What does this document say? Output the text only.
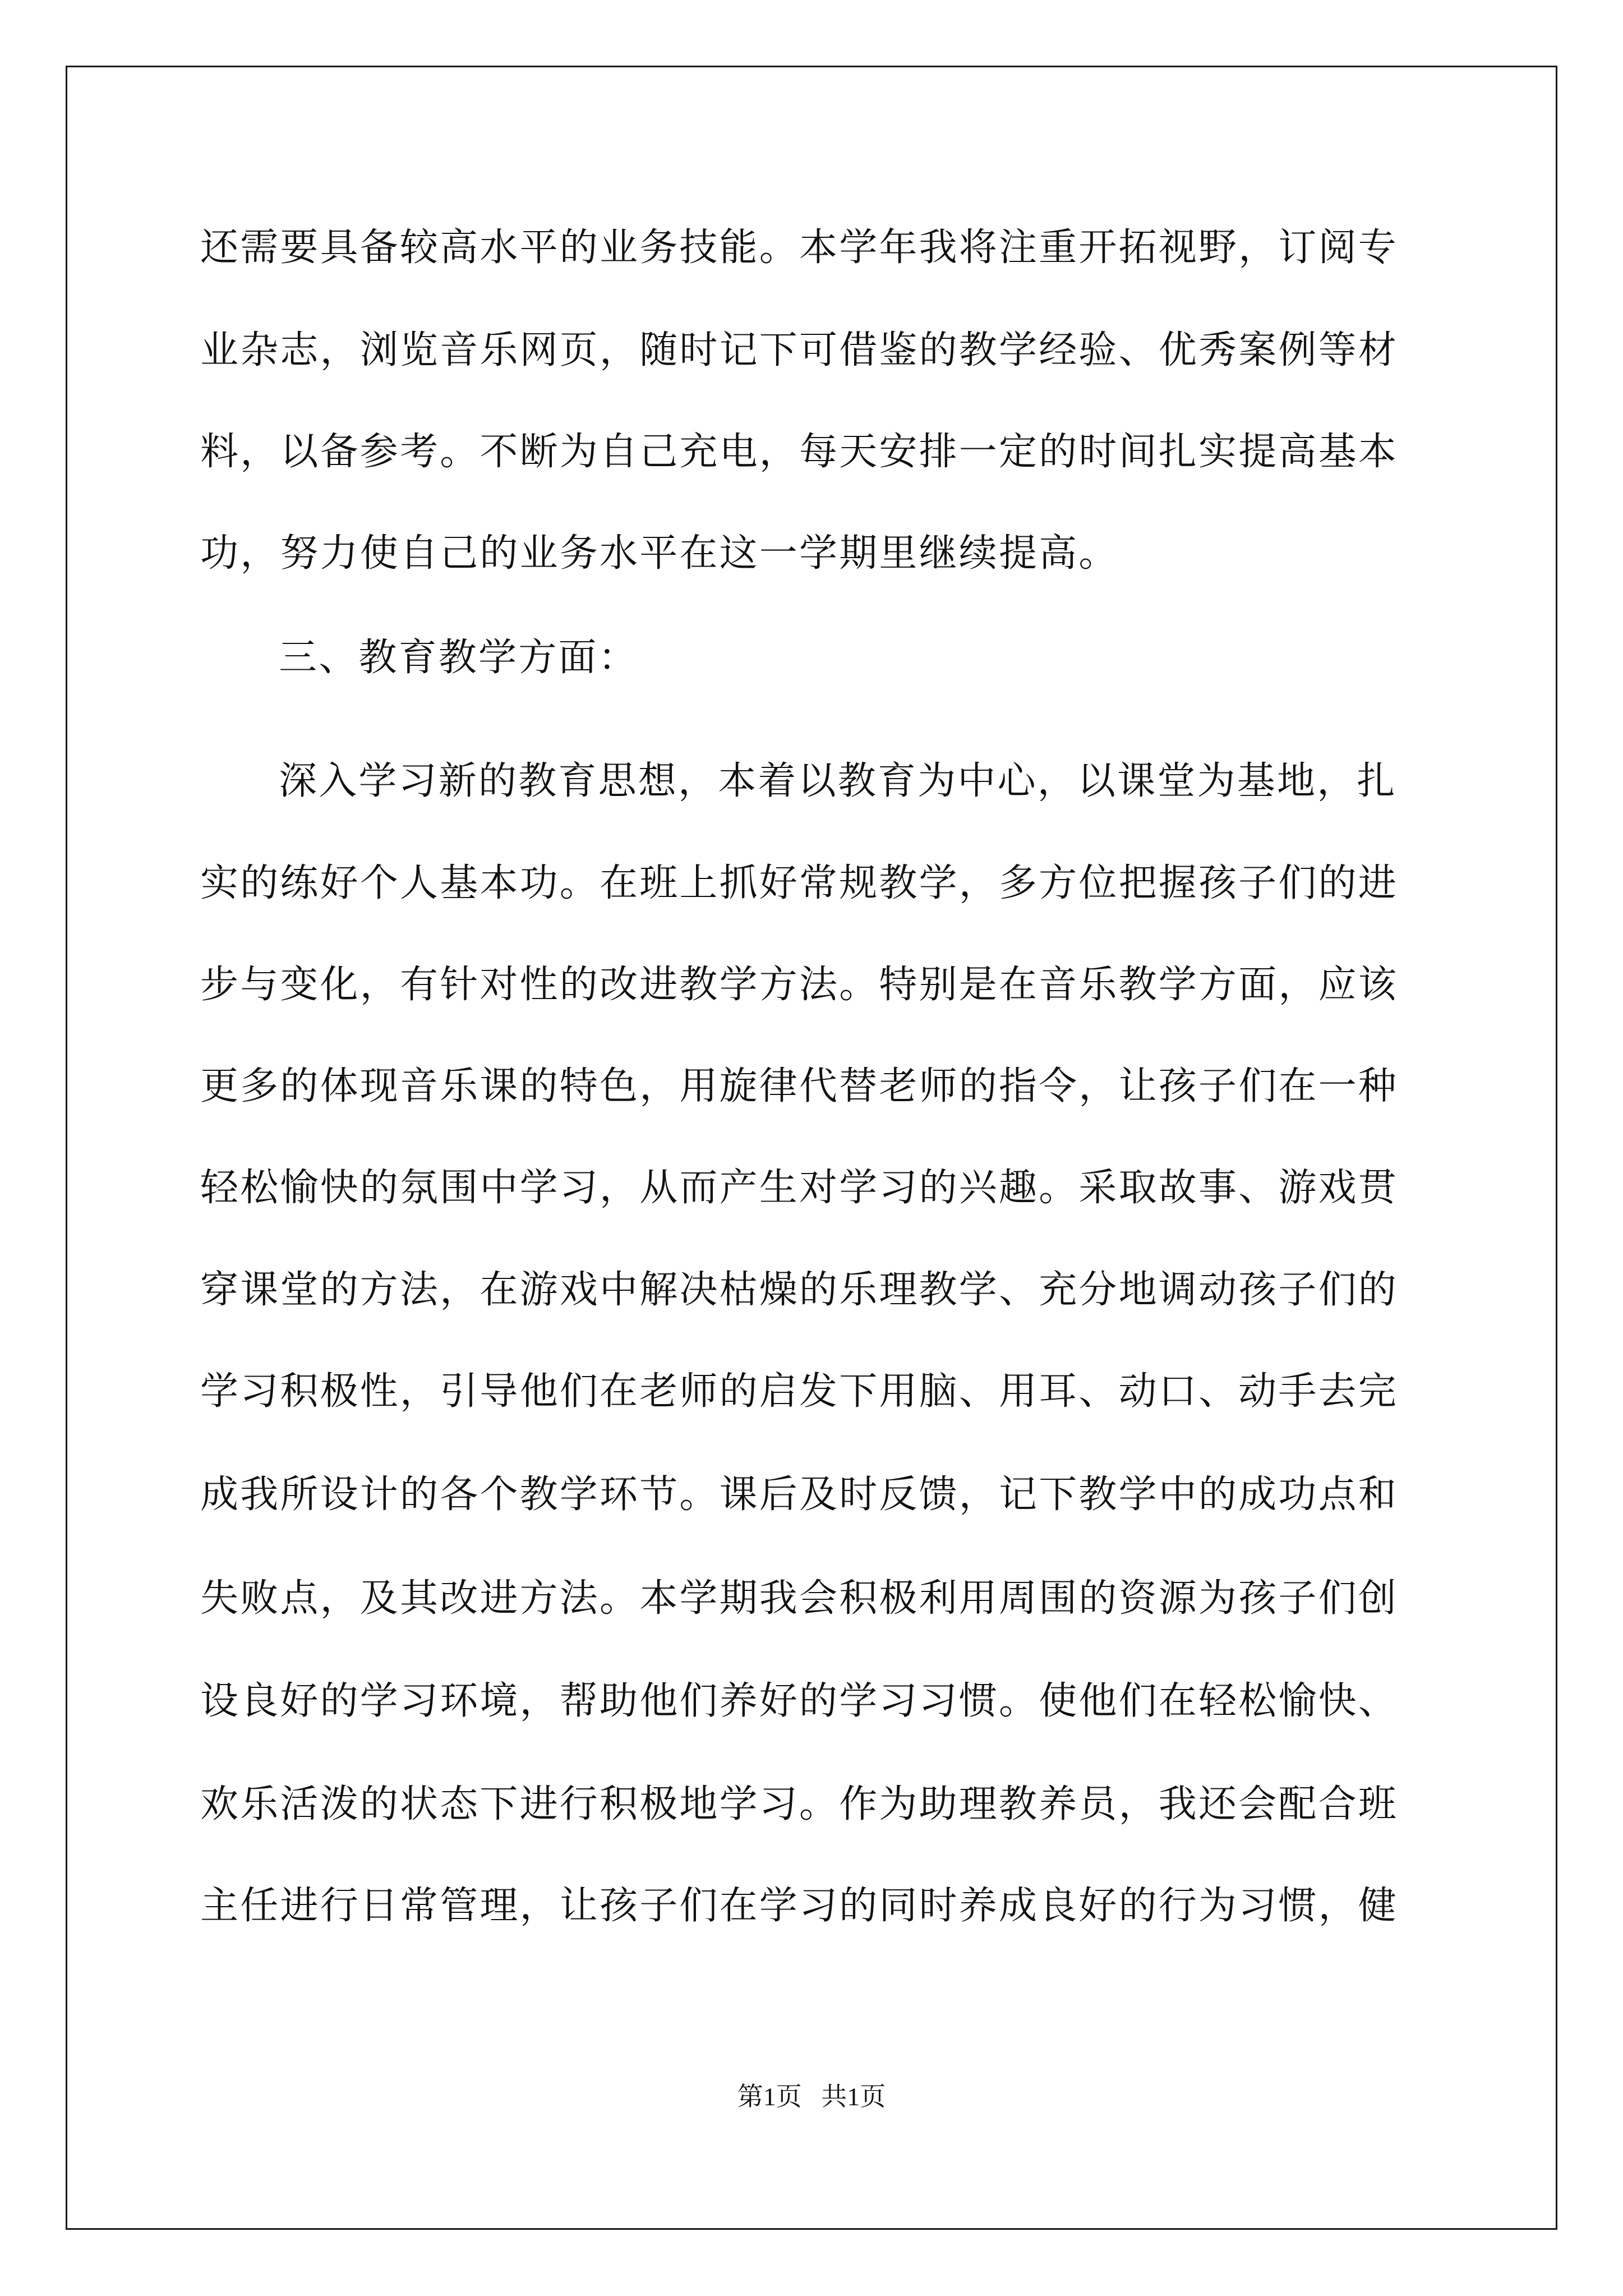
还需要具备较高水平的业务技能。本学年我将注重开拓视野，订阅专
业杂志，浏览音乐网页，随时记下可借鉴的教学经验、优秀案例等材
料，以备参考。不断为自己充电，每天安排一定的时间扎实提高基本
功，努力使自己的业务水平在这一学期里继续提高。
三、教育教学方面：
深入学习新的教育思想，本着以教育为中心，以课堂为基地，扎
实的练好个人基本功。在班上抓好常规教学，多方位把握孩子们的进
步与变化，有针对性的改进教学方法。特别是在音乐教学方面，应该
更多的体现音乐课的特色，用旋律代替老师的指令，让孩子们在一种
轻松愉快的氛围中学习，从而产生对学习的兴趣。采取故事、游戏贯
穿课堂的方法，在游戏中解决枯燥的乐理教学、充分地调动孩子们的
学习积极性，引导他们在老师的启发下用脑、用耳、动口、动手去完
成我所设计的各个教学环节。课后及时反馈，记下教学中的成功点和
失败点，及其改进方法。本学期我会积极利用周围的资源为孩子们创
设良好的学习环境，帮助他们养好的学习习惯。使他们在轻松愉快、
欢乐活泼的状态下进行积极地学习。作为助理教养员，我还会配合班
主任进行日常管理，让孩子们在学习的同时养成良好的行为习惯，健
第1页   共1页
